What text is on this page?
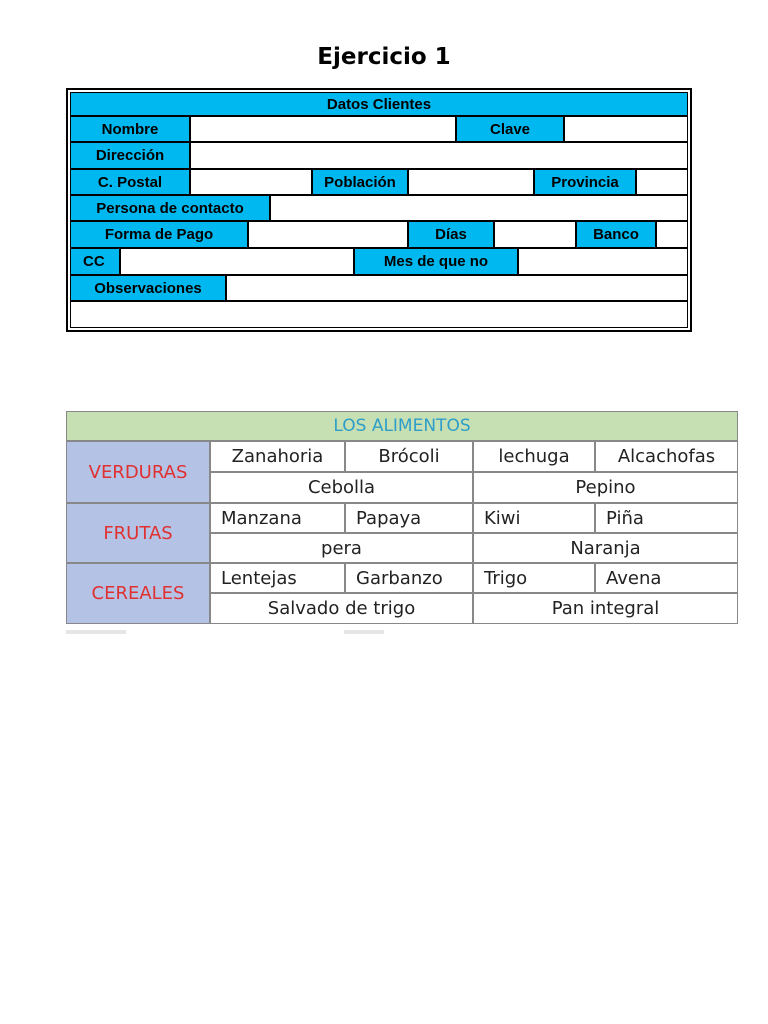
Ejercicio 1
Datos Clientes
Nombre	Clave
Dirección
C. Postal	Población	Provincia
Persona de contacto
Forma de Pago	Días	Banco
CC	Mes de que no
Observaciones
LOS ALIMENTOS
VERDURAS
Zanahoria	Brócoli	lechuga	Alcachofas
Cebolla	Pepino
FRUTAS
Manzana	Papaya	Kiwi	Piña
pera	Naranja
CEREALES
Lentejas	Garbanzo	Trigo	Avena
Salvado de trigo	Pan integral
